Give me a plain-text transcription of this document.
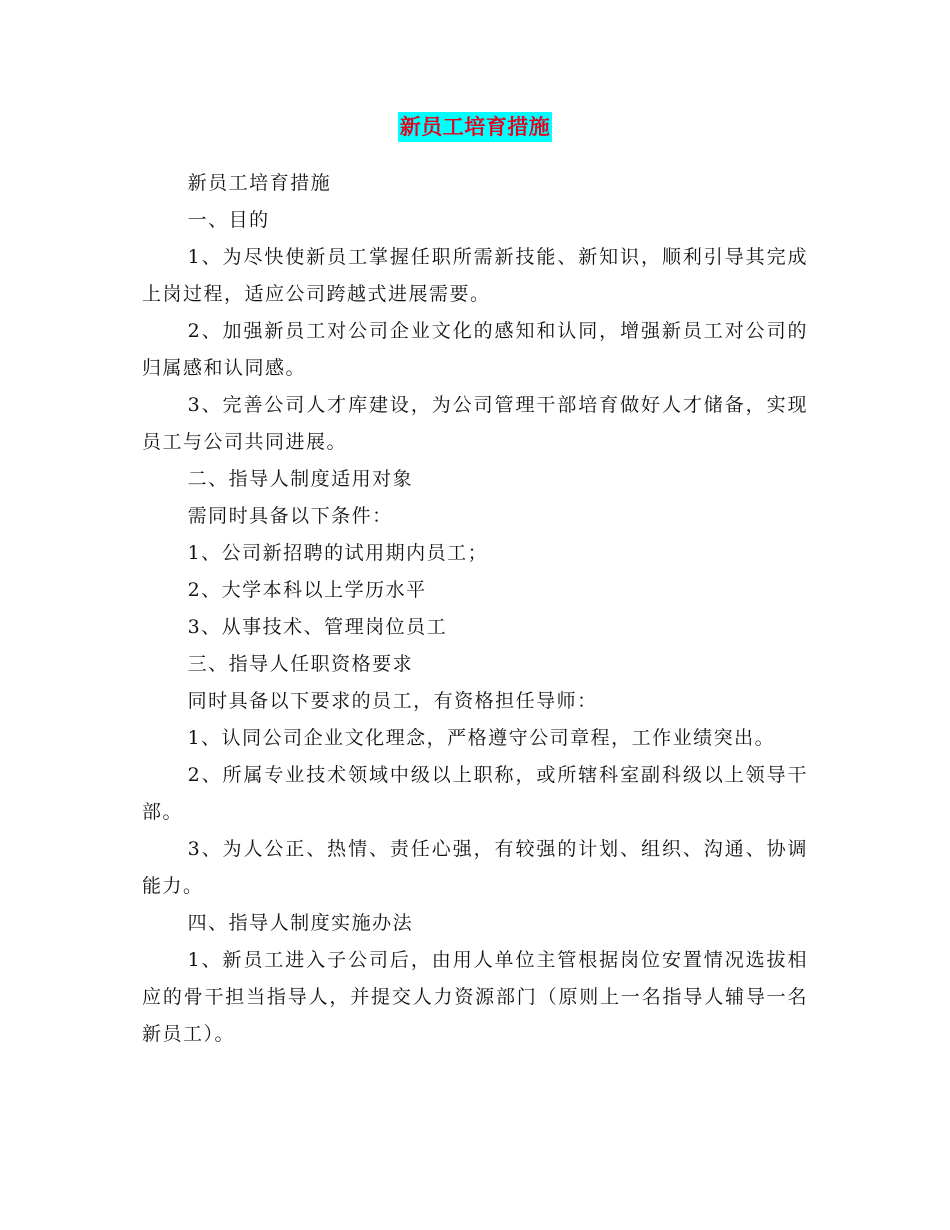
新员工培育措施

新员工培育措施

一、目的

1、为尽快使新员工掌握任职所需新技能、新知识，顺利引导其完成上岗过程，适应公司跨越式进展需要。

2、加强新员工对公司企业文化的感知和认同，增强新员工对公司的归属感和认同感。

3、完善公司人才库建设，为公司管理干部培育做好人才储备，实现员工与公司共同进展。

二、指导人制度适用对象

需同时具备以下条件：

1、公司新招聘的试用期内员工；

2、大学本科以上学历水平

3、从事技术、管理岗位员工

三、指导人任职资格要求

同时具备以下要求的员工，有资格担任导师：

1、认同公司企业文化理念，严格遵守公司章程，工作业绩突出。

2、所属专业技术领域中级以上职称，或所辖科室副科级以上领导干部。

3、为人公正、热情、责任心强，有较强的计划、组织、沟通、协调能力。

四、指导人制度实施办法

1、新员工进入子公司后，由用人单位主管根据岗位安置情况选拔相应的骨干担当指导人，并提交人力资源部门（原则上一名指导人辅导一名新员工）。
